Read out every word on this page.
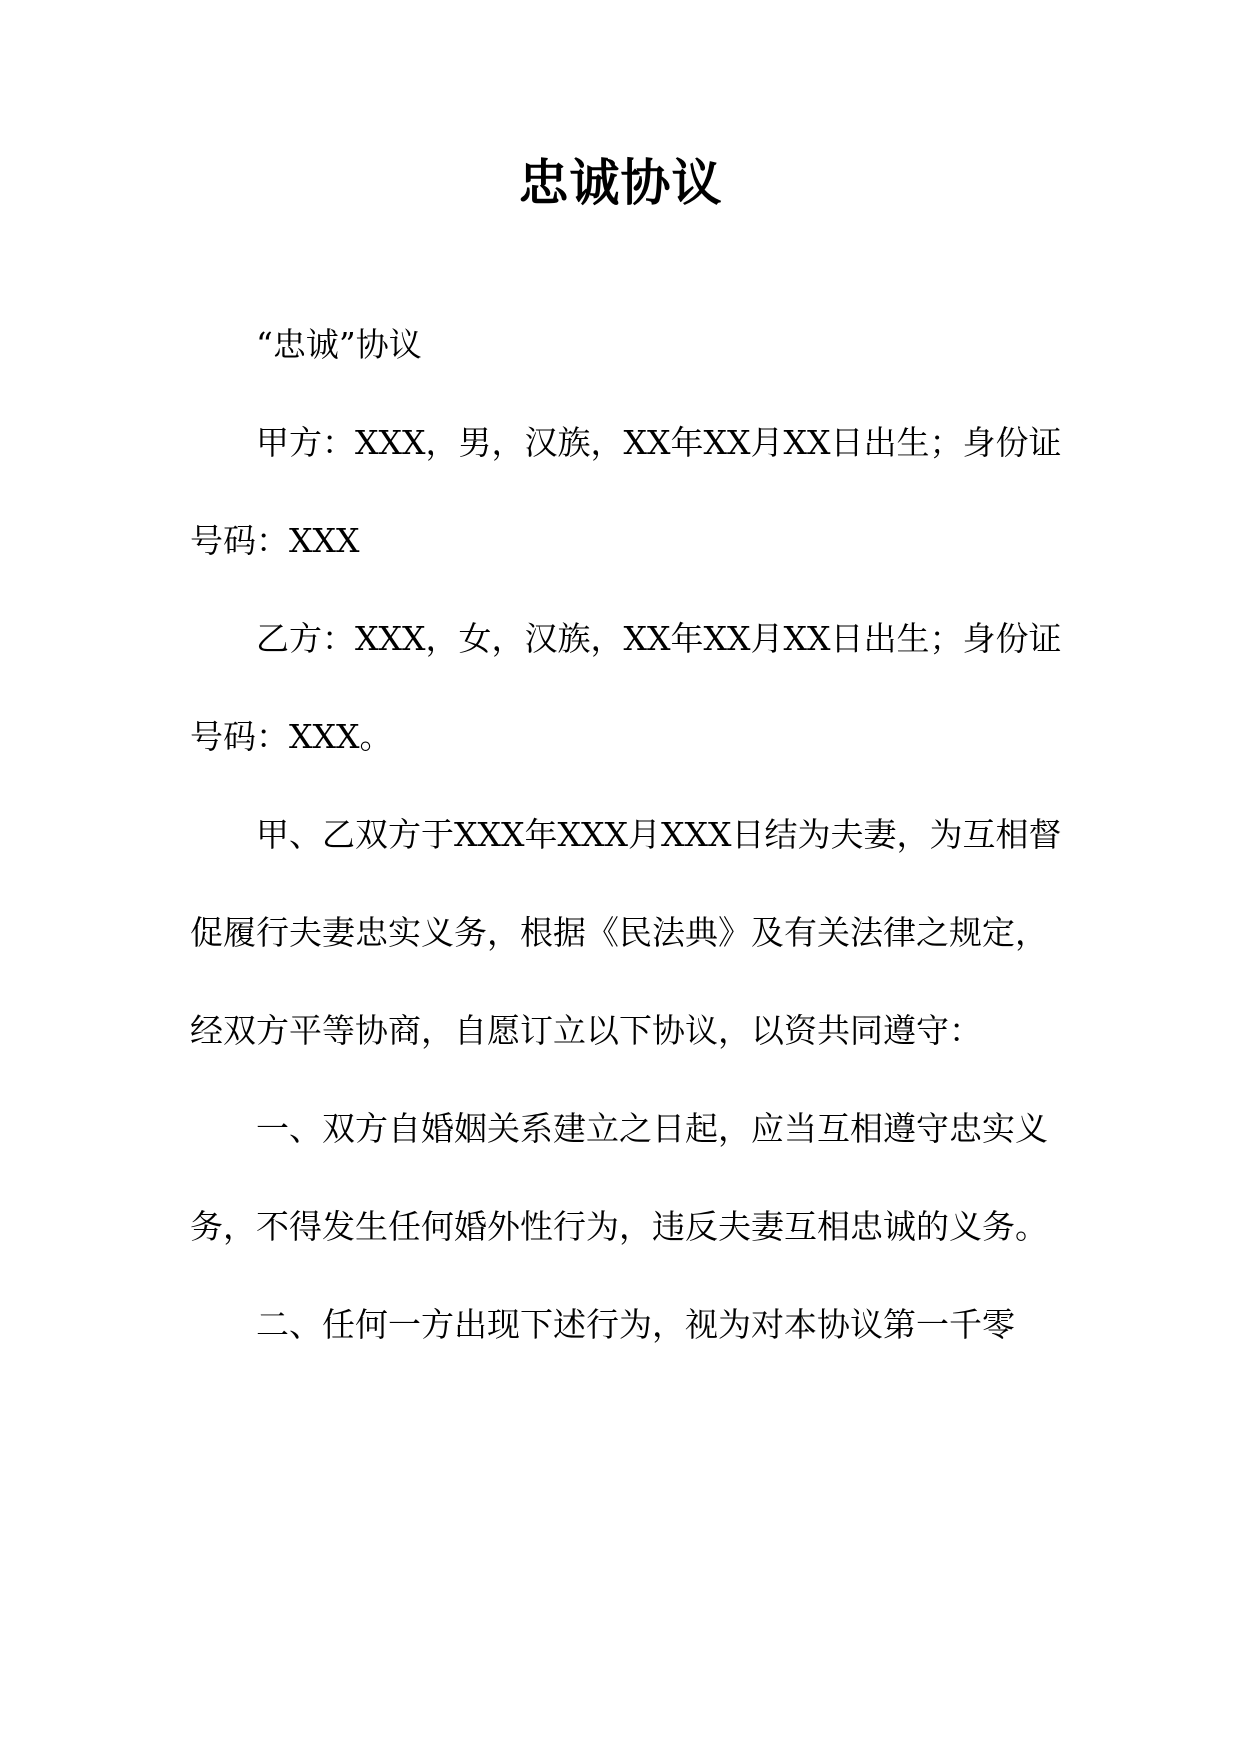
忠诚协议

“忠诚”协议

甲方：XXX，男，汉族，XX年XX月XX日出生；身份证号码：XXX

乙方：XXX，女，汉族，XX年XX月XX日出生；身份证号码：XXX。

甲、乙双方于XXX年XXX月XXX日结为夫妻，为互相督促履行夫妻忠实义务，根据《民法典》及有关法律之规定，经双方平等协商，自愿订立以下协议，以资共同遵守：

一、双方自婚姻关系建立之日起，应当互相遵守忠实义务，不得发生任何婚外性行为，违反夫妻互相忠诚的义务。

二、任何一方出现下述行为，视为对本协议第一千零
